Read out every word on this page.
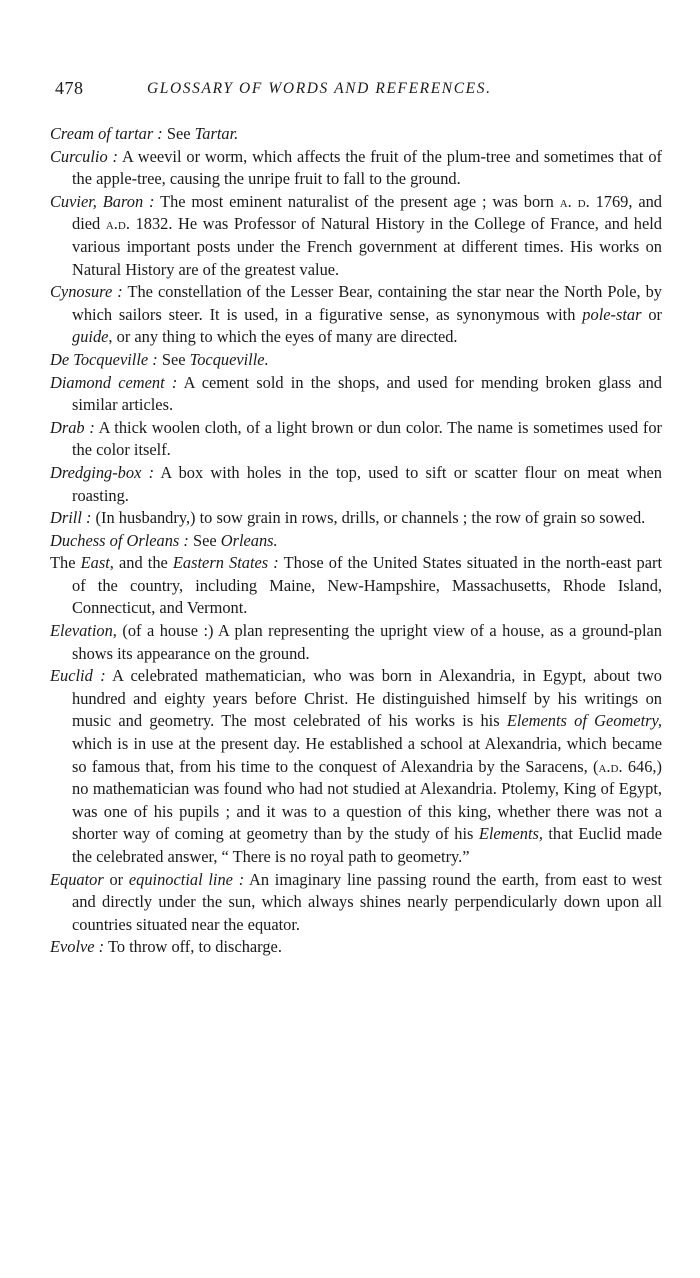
478	GLOSSARY OF WORDS AND REFERENCES.

Cream of tartar : See Tartar.

Curculio : A weevil or worm, which affects the fruit of the plum-tree and sometimes that of the apple-tree, causing the unripe fruit to fall to the ground.

Cuvier, Baron : The most eminent naturalist of the present age ; was born a. d. 1769, and died a.d. 1832. He was Professor of Natural History in the College of France, and held various important posts under the French government at different times. His works on Natural History are of the greatest value.

Cynosure : The constellation of the Lesser Bear, containing the star near the North Pole, by which sailors steer. It is used, in a figurative sense, as synonymous with pole-star or guide, or any thing to which the eyes of many are directed.

De Tocqueville : See Tocqueville.

Diamond cement : A cement sold in the shops, and used for mending broken glass and similar articles.

Drab : A thick woolen cloth, of a light brown or dun color. The name is sometimes used for the color itself.

Dredging-box : A box with holes in the top, used to sift or scatter flour on meat when roasting.

Drill : (In husbandry,) to sow grain in rows, drills, or channels ; the row of grain so sowed.

Duchess of Orleans : See Orleans.

The East, and the Eastern States : Those of the United States situated in the north-east part of the country, including Maine, New-Hampshire, Massachusetts, Rhode Island, Connecticut, and Vermont.

Elevation, (of a house :) A plan representing the upright view of a house, as a ground-plan shows its appearance on the ground.

Euclid : A celebrated mathematician, who was born in Alexandria, in Egypt, about two hundred and eighty years before Christ. He distinguished himself by his writings on music and geometry. The most celebrated of his works is his Elements of Geometry, which is in use at the present day. He established a school at Alexandria, which became so famous that, from his time to the conquest of Alexandria by the Saracens, (a.d. 646,) no mathematician was found who had not studied at Alexandria. Ptolemy, King of Egypt, was one of his pupils ; and it was to a question of this king, whether there was not a shorter way of coming at geometry than by the study of his Elements, that Euclid made the celebrated answer, “ There is no royal path to geometry.”

Equator or equinoctial line : An imaginary line passing round the earth, from east to west and directly under the sun, which always shines nearly perpendicularly down upon all countries situated near the equator.

Evolve : To throw off, to discharge.
